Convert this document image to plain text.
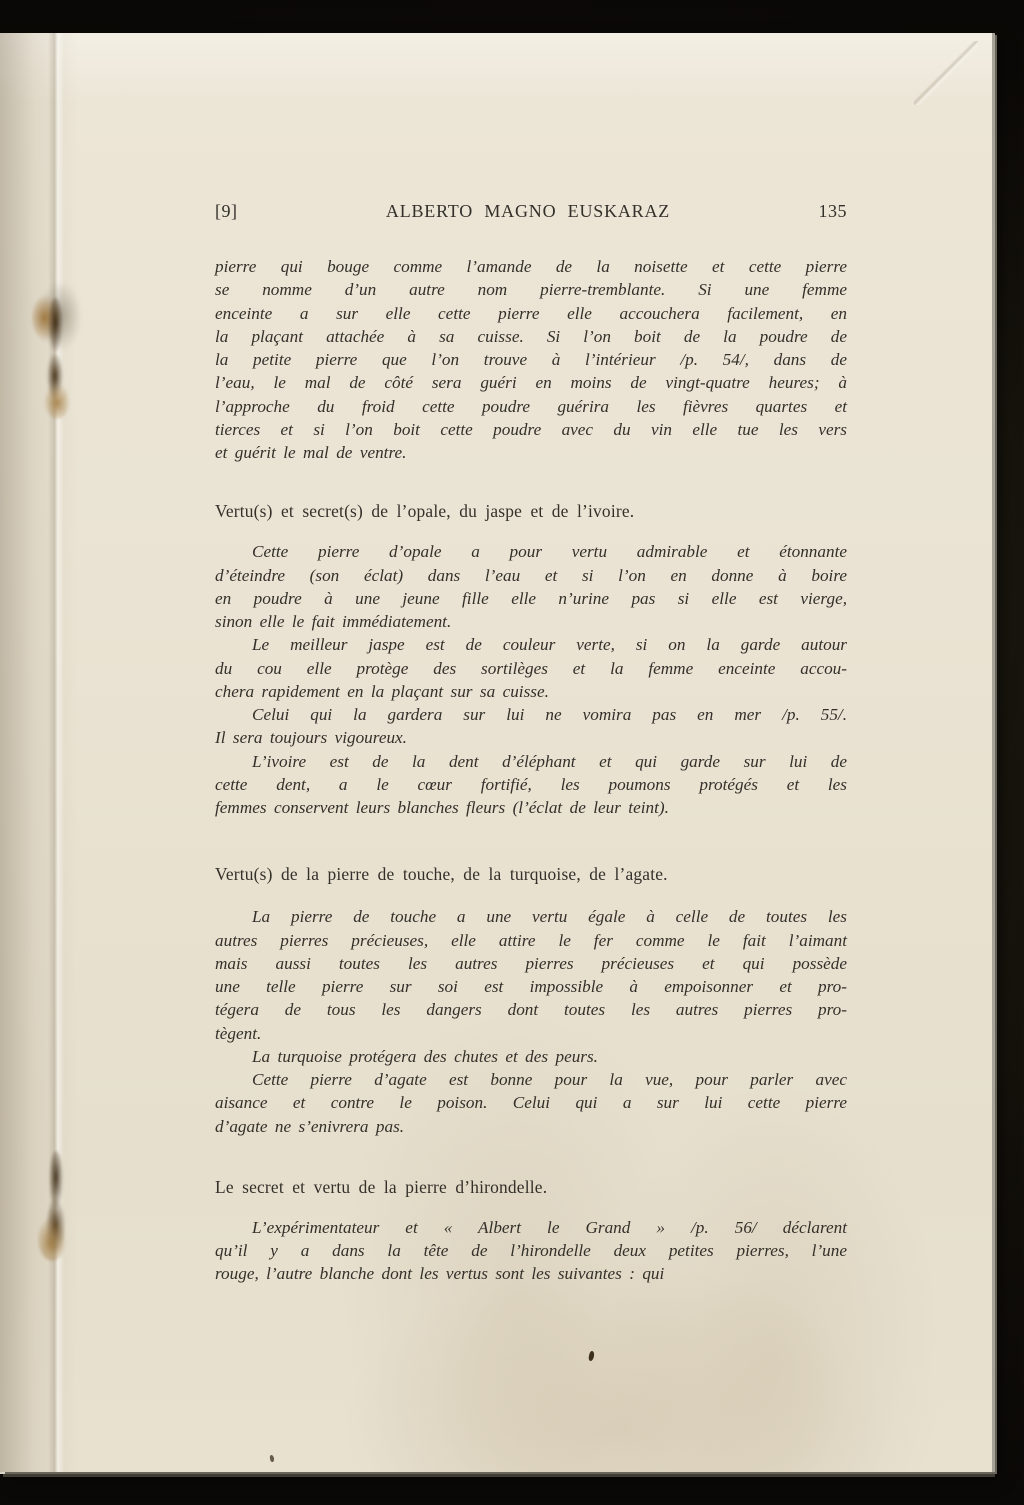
[9]	ALBERTO MAGNO EUSKARAZ	135
pierre qui bouge comme l’amande de la noisette et cette pierre
se nomme d’un autre nom pierre-tremblante. Si une femme
enceinte a sur elle cette pierre elle accouchera facilement, en
la plaçant attachée à sa cuisse. Si l’on boit de la poudre de
la petite pierre que l’on trouve à l’intérieur /p. 54/, dans de
l’eau, le mal de côté sera guéri en moins de vingt-quatre heures; à
l’approche du froid cette poudre guérira les fièvres quartes et
tierces et si l’on boit cette poudre avec du vin elle tue les vers
et guérit le mal de ventre.
Vertu(s) et secret(s) de l’opale, du jaspe et de l’ivoire.
Cette pierre d’opale a pour vertu admirable et étonnante
d’éteindre (son éclat) dans l’eau et si l’on en donne à boire
en poudre à une jeune fille elle n’urine pas si elle est vierge,
sinon elle le fait immédiatement.
Le meilleur jaspe est de couleur verte, si on la garde autour
du cou elle protège des sortilèges et la femme enceinte accou-
chera rapidement en la plaçant sur sa cuisse.
Celui qui la gardera sur lui ne vomira pas en mer /p. 55/.
Il sera toujours vigoureux.
L’ivoire est de la dent d’éléphant et qui garde sur lui de
cette dent, a le cœur fortifié, les poumons protégés et les
femmes conservent leurs blanches fleurs (l’éclat de leur teint).
Vertu(s) de la pierre de touche, de la turquoise, de l’agate.
La pierre de touche a une vertu égale à celle de toutes les
autres pierres précieuses, elle attire le fer comme le fait l’aimant
mais aussi toutes les autres pierres précieuses et qui possède
une telle pierre sur soi est impossible à empoisonner et pro-
tégera de tous les dangers dont toutes les autres pierres pro-
tègent.
La turquoise protégera des chutes et des peurs.
Cette pierre d’agate est bonne pour la vue, pour parler avec
aisance et contre le poison. Celui qui a sur lui cette pierre
d’agate ne s’enivrera pas.
Le secret et vertu de la pierre d’hirondelle.
L’expérimentateur et « Albert le Grand » /p. 56/ déclarent
qu’il y a dans la tête de l’hirondelle deux petites pierres, l’une
rouge, l’autre blanche dont les vertus sont les suivantes : qui
